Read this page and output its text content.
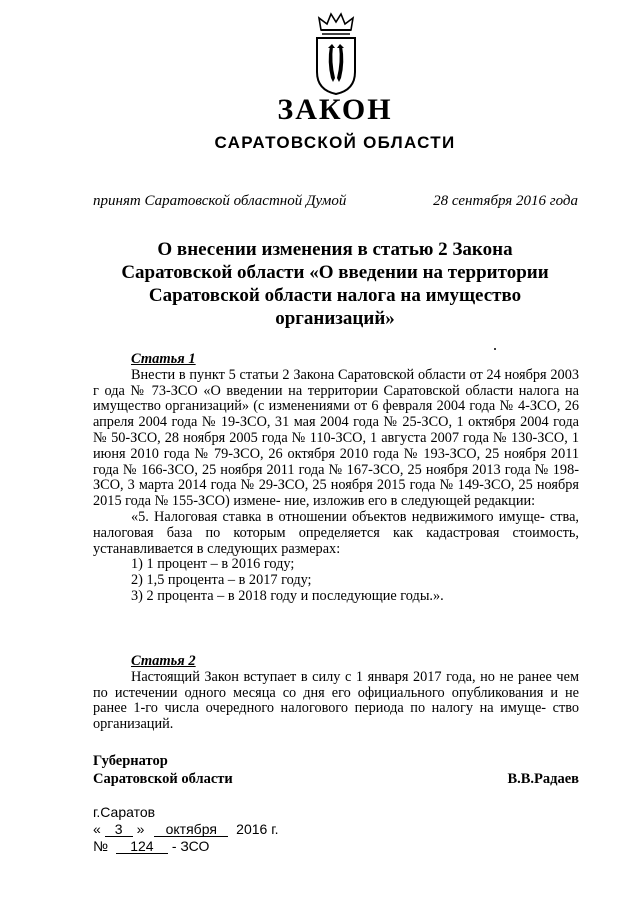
ЗАКОН
САРАТОВСКОЙ ОБЛАСТИ
принят Саратовской областной Думой	28 сентября 2016 года
О внесении изменения в статью 2 Закона
Саратовской области «О введении на территории
Саратовской области налога на имущество
организаций»
Статья 1

Внести в пункт 5 статьи 2 Закона Саратовской области от 24 ноября 2003 г ода № 73-ЗСО «О введении на территории Саратовской области налога на имущество организаций» (с изменениями от 6 февраля 2004 года № 4-ЗСО, 26 апреля 2004 года № 19-ЗСО, 31 мая 2004 года № 25-ЗСО, 1 октября 2004 года № 50-ЗСО, 28 ноября 2005 года № 110-ЗСО, 1 августа 2007 года № 130-ЗСО, 1 июня 2010 года № 79-ЗСО, 26 октября 2010 года № 193-ЗСО, 25 ноября 2011 года № 166-ЗСО, 25 ноября 2011 года № 167-ЗСО, 25 ноября 2013 года № 198-ЗСО, 3 марта 2014 года № 29-ЗСО, 25 ноября 2015 года № 149-ЗСО, 25 ноября 2015 года № 155-ЗСО) измене- ние, изложив его в следующей редакции:

«5. Налоговая ставка в отношении объектов недвижимого имуще- ства, налоговая база по которым определяется как кадастровая стоимость, устанавливается в следующих размерах:

1) 1 процент – в 2016 году;

2) 1,5 процента – в 2017 году;

3) 2 процента – в 2018 году и последующие годы.».

Статья 2

Настоящий Закон вступает в силу с 1 января 2017 года, но не ранее чем по истечении одного месяца со дня его официального опубликования и не ранее 1-го числа очередного налогового периода по налогу на имуще- ство организаций.

Губернатор
Саратовской области	В.В.Радаев
г.Саратов
« 3 » октября 2016 г.
№ 124 - ЗСО
